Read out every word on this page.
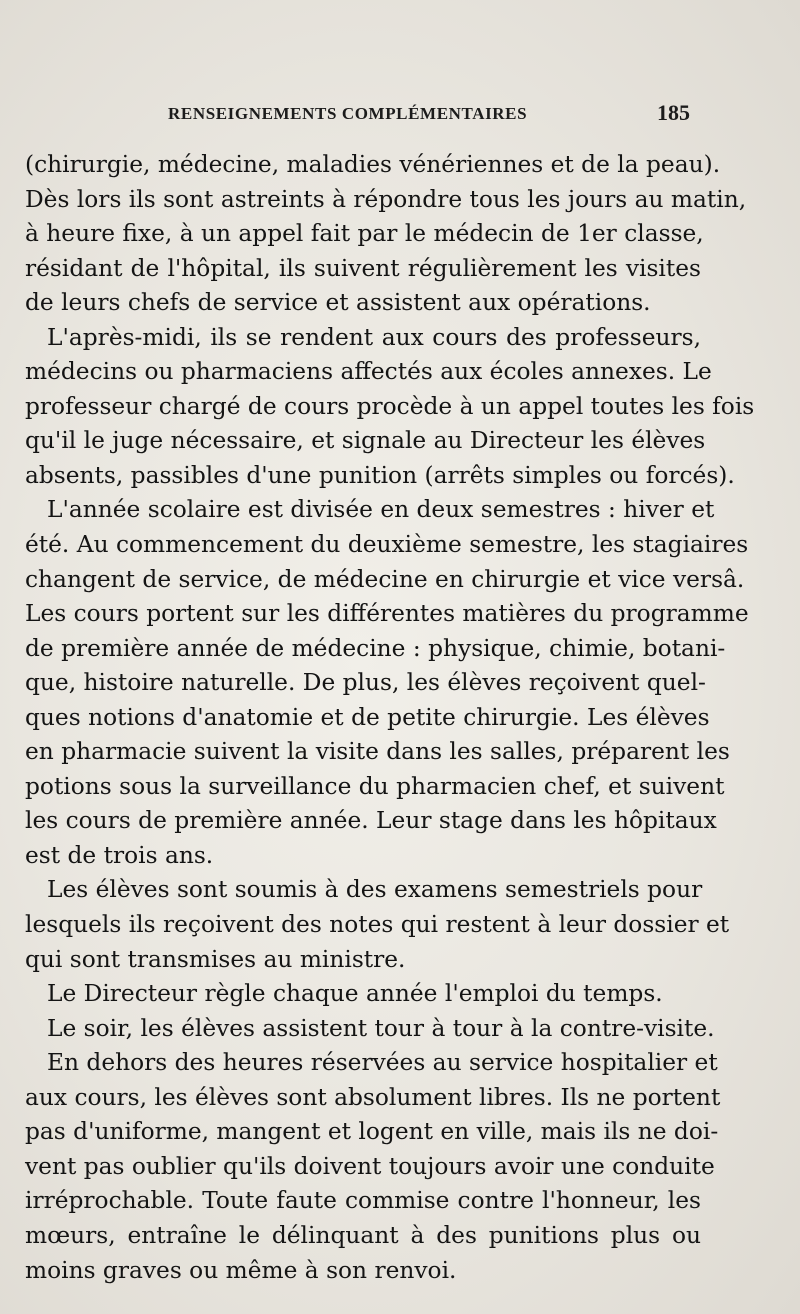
RENSEIGNEMENTS COMPLÉMENTAIRES	185
(chirurgie, médecine, maladies vénériennes et de la peau).
Dès lors ils sont astreints à répondre tous les jours au matin,
à heure fixe, à un appel fait par le médecin de 1er classe,
résidant de l'hôpital, ils suivent régulièrement les visites
de leurs chefs de service et assistent aux opérations.
L'après-midi, ils se rendent aux cours des professeurs,
médecins ou pharmaciens affectés aux écoles annexes. Le
professeur chargé de cours procède à un appel toutes les fois
qu'il le juge nécessaire, et signale au Directeur les élèves
absents, passibles d'une punition (arrêts simples ou forcés).
L'année scolaire est divisée en deux semestres : hiver et
été. Au commencement du deuxième semestre, les stagiaires
changent de service, de médecine en chirurgie et vice versâ.
Les cours portent sur les différentes matières du programme
de première année de médecine : physique, chimie, botani-
que, histoire naturelle. De plus, les élèves reçoivent quel-
ques notions d'anatomie et de petite chirurgie. Les élèves
en pharmacie suivent la visite dans les salles, préparent les
potions sous la surveillance du pharmacien chef, et suivent
les cours de première année. Leur stage dans les hôpitaux
est de trois ans.
Les élèves sont soumis à des examens semestriels pour
lesquels ils reçoivent des notes qui restent à leur dossier et
qui sont transmises au ministre.
Le Directeur règle chaque année l'emploi du temps.
Le soir, les élèves assistent tour à tour à la contre-visite.
En dehors des heures réservées au service hospitalier et
aux cours, les élèves sont absolument libres. Ils ne portent
pas d'uniforme, mangent et logent en ville, mais ils ne doi-
vent pas oublier qu'ils doivent toujours avoir une conduite
irréprochable. Toute faute commise contre l'honneur, les
mœurs, entraîne le délinquant à des punitions plus ou
moins graves ou même à son renvoi.
